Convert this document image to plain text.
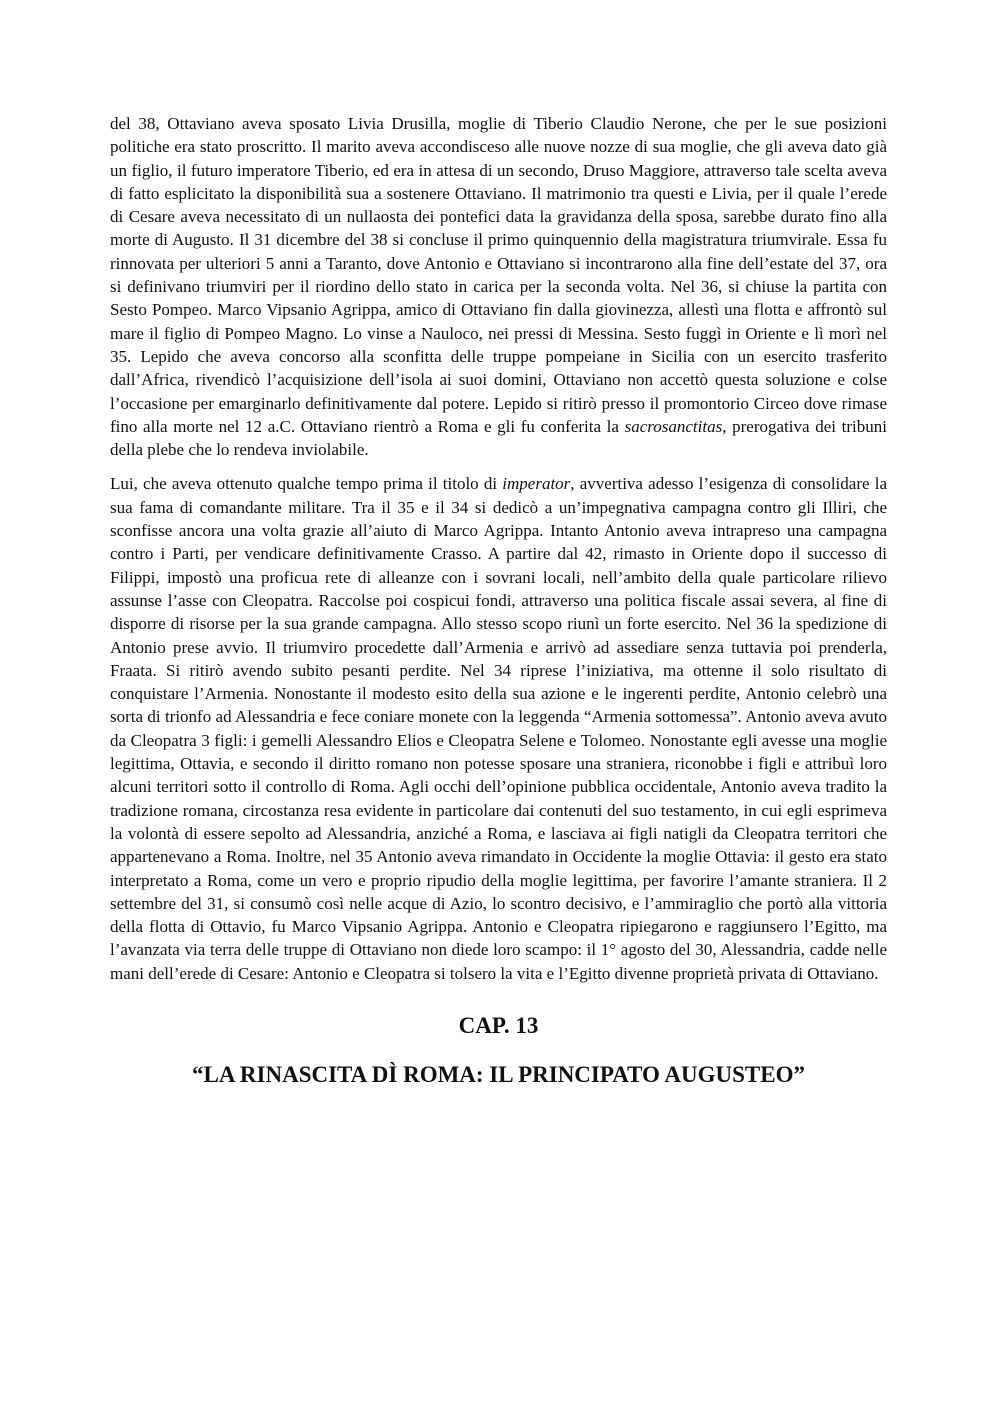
del 38, Ottaviano aveva sposato Livia Drusilla, moglie di Tiberio Claudio Nerone, che per le sue posizioni politiche era stato proscritto. Il marito aveva accondisceso alle nuove nozze di sua moglie, che gli aveva dato già un figlio, il futuro imperatore Tiberio, ed era in attesa di un secondo, Druso Maggiore, attraverso tale scelta aveva di fatto esplicitato la disponibilità sua a sostenere Ottaviano. Il matrimonio tra questi e Livia, per il quale l’erede di Cesare aveva necessitato di un nullaosta dei pontefici data la gravidanza della sposa, sarebbe durato fino alla morte di Augusto. Il 31 dicembre del 38 si concluse il primo quinquennio della magistratura triumvirale. Essa fu rinnovata per ulteriori 5 anni a Taranto, dove Antonio e Ottaviano si incontrarono alla fine dell’estate del 37, ora si definivano triumviri per il riordino dello stato in carica per la seconda volta. Nel 36, si chiuse la partita con Sesto Pompeo. Marco Vipsanio Agrippa, amico di Ottaviano fin dalla giovinezza, allestì una flotta e affrontò sul mare il figlio di Pompeo Magno. Lo vinse a Nauloco, nei pressi di Messina. Sesto fuggì in Oriente e lì morì nel 35. Lepido che aveva concorso alla sconfitta delle truppe pompeiane in Sicilia con un esercito trasferito dall’Africa, rivendicò l’acquisizione dell’isola ai suoi domini, Ottaviano non accettò questa soluzione e colse l’occasione per emarginarlo definitivamente dal potere. Lepido si ritirò presso il promontorio Circeo dove rimase fino alla morte nel 12 a.C. Ottaviano rientrò a Roma e gli fu conferita la sacrosanctitas, prerogativa dei tribuni della plebe che lo rendeva inviolabile.

Lui, che aveva ottenuto qualche tempo prima il titolo di imperator, avvertiva adesso l’esigenza di consolidare la sua fama di comandante militare. Tra il 35 e il 34 si dedicò a un’impegnativa campagna contro gli Illiri, che sconfisse ancora una volta grazie all’aiuto di Marco Agrippa. Intanto Antonio aveva intrapreso una campagna contro i Parti, per vendicare definitivamente Crasso. A partire dal 42, rimasto in Oriente dopo il successo di Filippi, impostò una proficua rete di alleanze con i sovrani locali, nell’ambito della quale particolare rilievo assunse l’asse con Cleopatra. Raccolse poi cospicui fondi, attraverso una politica fiscale assai severa, al fine di disporre di risorse per la sua grande campagna. Allo stesso scopo riunì un forte esercito. Nel 36 la spedizione di Antonio prese avvio. Il triumviro procedette dall’Armenia e arrivò ad assediare senza tuttavia poi prenderla, Fraata. Si ritirò avendo subito pesanti perdite. Nel 34 riprese l’iniziativa, ma ottenne il solo risultato di conquistare l’Armenia. Nonostante il modesto esito della sua azione e le ingerenti perdite, Antonio celebrò una sorta di trionfo ad Alessandria e fece coniare monete con la leggenda “Armenia sottomessa”. Antonio aveva avuto da Cleopatra 3 figli: i gemelli Alessandro Elios e Cleopatra Selene e Tolomeo. Nonostante egli avesse una moglie legittima, Ottavia, e secondo il diritto romano non potesse sposare una straniera, riconobbe i figli e attribuì loro alcuni territori sotto il controllo di Roma. Agli occhi dell’opinione pubblica occidentale, Antonio aveva tradito la tradizione romana, circostanza resa evidente in particolare dai contenuti del suo testamento, in cui egli esprimeva la volontà di essere sepolto ad Alessandria, anziché a Roma, e lasciava ai figli natigli da Cleopatra territori che appartenevano a Roma. Inoltre, nel 35 Antonio aveva rimandato in Occidente la moglie Ottavia: il gesto era stato interpretato a Roma, come un vero e proprio ripudio della moglie legittima, per favorire l’amante straniera. Il 2 settembre del 31, si consumò così nelle acque di Azio, lo scontro decisivo, e l’ammiraglio che portò alla vittoria della flotta di Ottavio, fu Marco Vipsanio Agrippa. Antonio e Cleopatra ripiegarono e raggiunsero l’Egitto, ma l’avanzata via terra delle truppe di Ottaviano non diede loro scampo: il 1° agosto del 30, Alessandria, cadde nelle mani dell’erede di Cesare: Antonio e Cleopatra si tolsero la vita e l’Egitto divenne proprietà privata di Ottaviano.

CAP. 13
“LA RINASCITA DÌ ROMA: IL PRINCIPATO AUGUSTEO”
